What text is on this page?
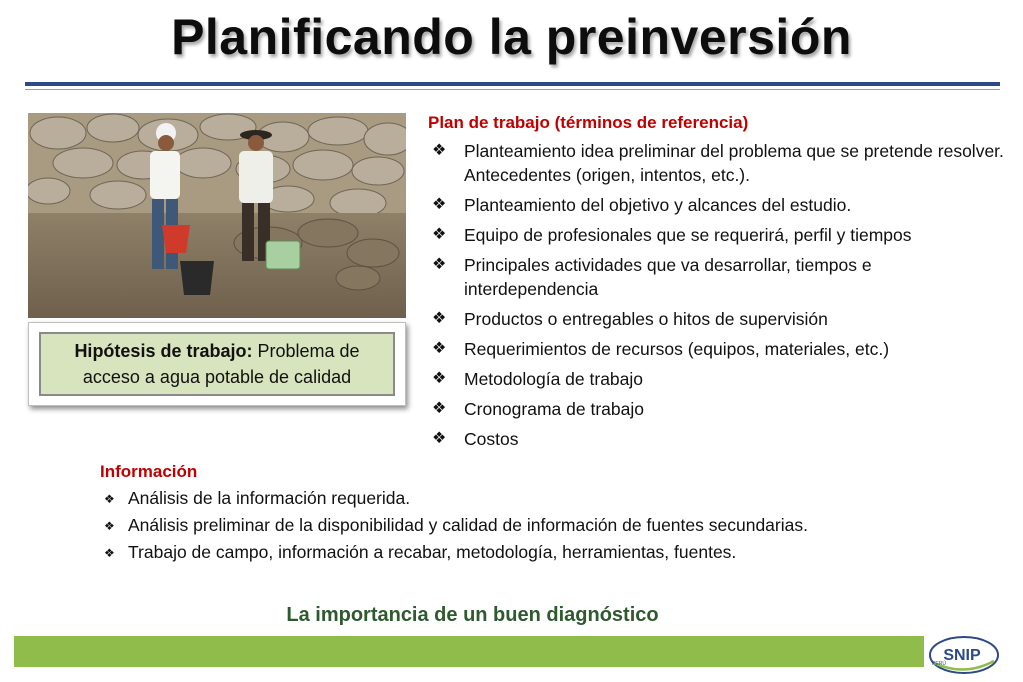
Planificando la preinversión
Hipótesis de trabajo: Problema de acceso a agua potable de calidad
Plan de trabajo (términos de referencia)
❖ Planteamiento idea preliminar del problema que se pretende resolver. Antecedentes (origen, intentos, etc.).
❖ Planteamiento del objetivo y alcances del estudio.
❖ Equipo de profesionales que se requerirá, perfil y tiempos
❖ Principales actividades que va desarrollar, tiempos e interdependencia
❖ Productos o entregables o hitos de supervisión
❖ Requerimientos de recursos (equipos, materiales, etc.)
❖ Metodología de trabajo
❖ Cronograma de trabajo
❖ Costos
Información
❖ Análisis de la información requerida.
❖ Análisis preliminar de la disponibilidad y calidad de información de fuentes secundarias.
❖ Trabajo de campo, información a recabar, metodología, herramientas, fuentes.
La importancia de un buen diagnóstico
SNIP
PERÚ
